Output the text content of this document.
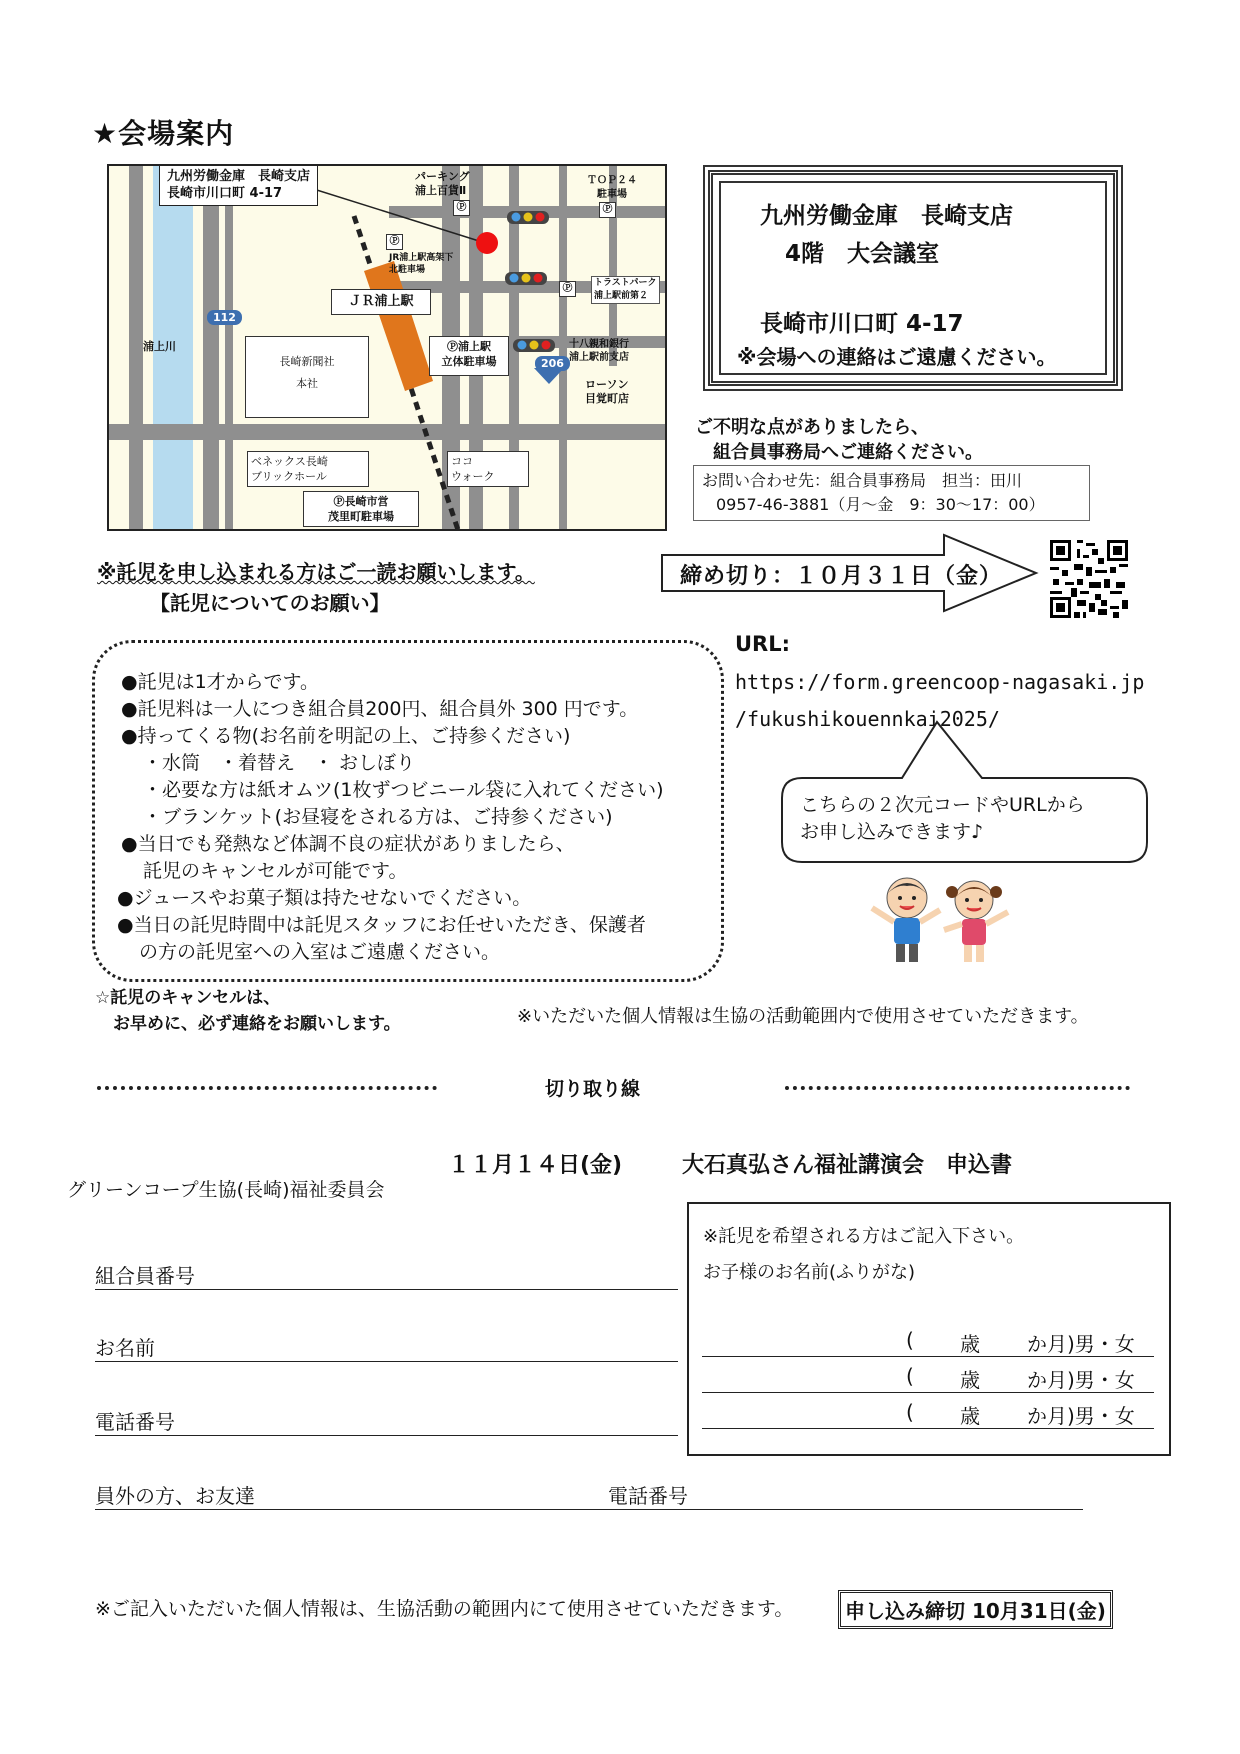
★会場案内
九州労働金庫　長崎支店
長崎市川口町 4-17
パーキング
浦上百貨Ⅱ
Ⓟ
ＴＯＰ２４
駐車場
Ⓟ
Ⓟ
JR浦上駅高架下
北駐車場
Ⓟ	トラストパーク
浦上駅前第２
ＪＲ浦上駅
浦上川
112
206
長崎新聞社
本社
Ⓟ浦上駅
立体駐車場
十八親和銀行
浦上駅前支店
ローソン
目覚町店
ベネックス長崎
ブリックホール
ココ
ウォーク
Ⓟ長崎市営
茂里町駐車場
九州労働金庫　長崎支店
4階　大会議室
長崎市川口町 4-17
※会場への連絡はご遠慮ください。
ご不明な点がありましたら、
組合員事務局へご連絡ください。
お問い合わせ先：組合員事務局　担当：田川
0957-46-3881（月～金　9：30～17：00）
※託児を申し込まれる方はご一読お願いします。
【託児についてのお願い】
締め切り：１０月３１日（金）
URL:
https://form.greencoop-nagasaki.jp
/fukushikouennkai2025/
●託児は1才からです。
●託児料は一人につき組合員200円、組合員外 300 円です。
●持ってくる物(お名前を明記の上、ご持参ください)
・水筒　・着替え　・ おしぼり
・必要な方は紙オムツ(1枚ずつビニール袋に入れてください)
・ブランケット(お昼寝をされる方は、ご持参ください)
●当日でも発熱など体調不良の症状がありましたら、
託児のキャンセルが可能です。
●ジュースやお菓子類は持たせないでください。
●当日の託児時間中は託児スタッフにお任せいただき、保護者
の方の託児室への入室はご遠慮ください。
こちらの２次元コードやURLから
お申し込みできます♪
☆託児のキャンセルは、
お早めに、必ず連絡をお願いします。	※いただいた個人情報は生協の活動範囲内で使用させていただきます。
切り取り線
１１月１４日(金)	大石真弘さん福祉講演会　申込書
グリーンコープ生協(長崎)福祉委員会
組合員番号
お名前
電話番号
員外の方、お友達	電話番号
※託児を希望される方はご記入下さい。
お子様のお名前(ふりがな)
( 歳 か月)男・女
( 歳 か月)男・女
( 歳 か月)男・女
※ご記入いただいた個人情報は、生協活動の範囲内にて使用させていただきます。	申し込み締切 10月31日(金)
